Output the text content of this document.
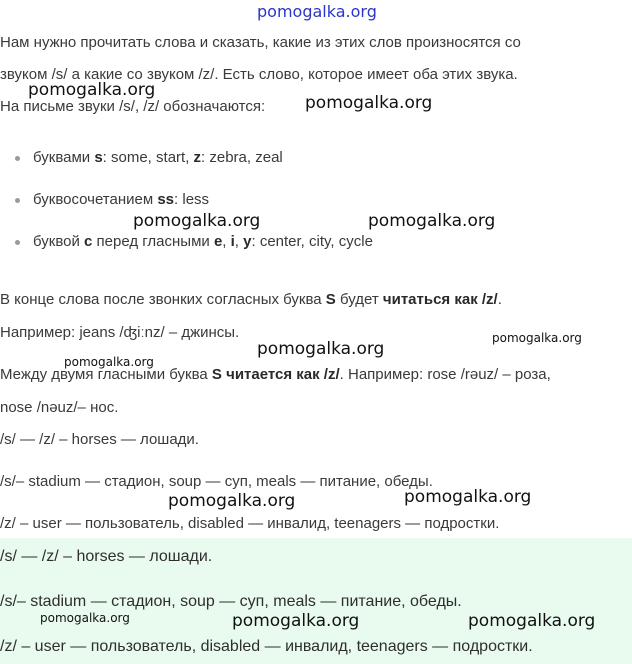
pomogalka.org
Нам нужно прочитать слова и сказать, какие из этих слов произносятся со
звуком /s/ а какие со звуком /z/. Есть слово, которое имеет оба этих звука.
На письме звуки /s/, /z/ обозначаются:
буквами s: some, start, z: zebra, zeal
буквосочетанием ss: less
буквой c перед гласными e, i, y: center, city, cycle
В конце слова после звонких согласных буква S будет читаться как /z/.
Например: jeans /ʤiːnz/ – джинсы.
Между двумя гласными буква S читается как /z/. Например: rose /rəuz/ – роза,
nose /nəuz/– нос.
/s/ — /z/ – horses — лошади.
/s/– stadium — стадион, soup — суп, meals — питание, обеды.
/z/ – user — пользователь, disabled — инвалид, teenagers — подростки.
/s/ — /z/ – horses — лошади.
/s/– stadium — стадион, soup — суп, meals — питание, обеды.
/z/ – user — пользователь, disabled — инвалид, teenagers — подростки.
pomogalka.org
pomogalka.org
pomogalka.org	pomogalka.org
pomogalka.org
pomogalka.org
pomogalka.org
pomogalka.org	pomogalka.org
pomogalka.org	pomogalka.org	pomogalka.org
